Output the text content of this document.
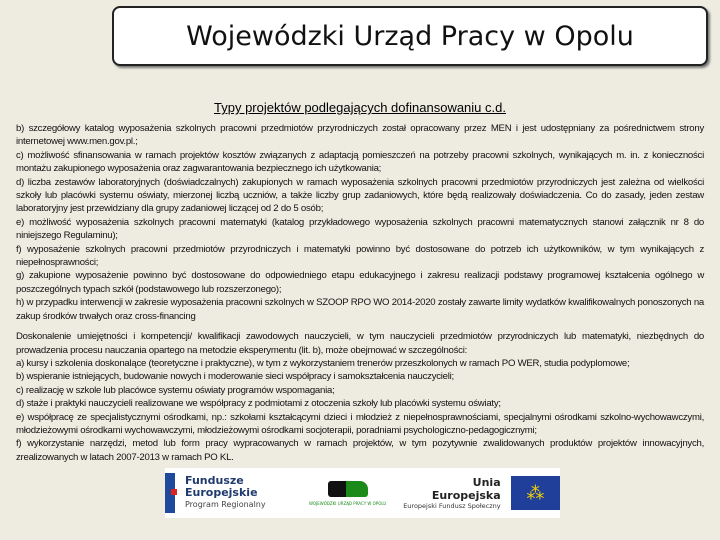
Wojewódzki Urząd Pracy w Opolu
Typy projektów podlegających dofinansowaniu c.d.

b) szczegółowy katalog wyposażenia szkolnych pracowni przedmiotów przyrodniczych został opracowany przez MEN i jest udostępniany za pośrednictwem strony internetowej www.men.gov.pl.;

c) możliwość sfinansowania w ramach projektów kosztów związanych z adaptacją pomieszczeń na potrzeby pracowni szkolnych, wynikających m. in. z konieczności montażu zakupionego wyposażenia oraz zagwarantowania bezpiecznego ich użytkowania;

d) liczba zestawów laboratoryjnych (doświadczalnych) zakupionych w ramach wyposażenia szkolnych pracowni przedmiotów przyrodniczych jest zależna od wielkości szkoły lub placówki systemu oświaty, mierzonej liczbą uczniów, a także liczby grup zadaniowych, które będą realizowały doświadczenia. Co do zasady, jeden zestaw laboratoryjny jest przewidziany dla grupy zadaniowej liczącej od 2 do 5 osób;

e) możliwość wyposażenia szkolnych pracowni matematyki (katalog przykładowego wyposażenia szkolnych pracowni matematycznych stanowi załącznik nr 8 do niniejszego Regulaminu);

f) wyposażenie szkolnych pracowni przedmiotów przyrodniczych i matematyki powinno być dostosowane do potrzeb ich użytkowników, w tym wynikających z niepełnosprawności;

g) zakupione wyposażenie powinno być dostosowane do odpowiedniego etapu edukacyjnego i zakresu realizacji podstawy programowej kształcenia ogólnego w poszczególnych typach szkół (podstawowego lub rozszerzonego);

h) w przypadku interwencji w zakresie wyposażenia pracowni szkolnych w SZOOP RPO WO 2014-2020 zostały zawarte limity wydatków kwalifikowalnych ponoszonych na zakup środków trwałych oraz cross-financing

Doskonalenie umiejętności i kompetencji/ kwalifikacji zawodowych nauczycieli, w tym nauczycieli przedmiotów przyrodniczych lub matematyki, niezbędnych do prowadzenia procesu nauczania opartego na metodzie eksperymentu (lit. b), może obejmować w szczególności:

a) kursy i szkolenia doskonalące (teoretyczne i praktyczne), w tym z wykorzystaniem trenerów przeszkolonych w ramach PO WER, studia podyplomowe;

b) wspieranie istniejących, budowanie nowych i moderowanie sieci współpracy i samokształcenia nauczycieli;

c) realizację w szkole lub placówce systemu oświaty programów wspomagania;

d) staże i praktyki nauczycieli realizowane we współpracy z podmiotami z otoczenia szkoły lub placówki systemu oświaty;

e) współpracę ze specjalistycznymi ośrodkami, np.: szkołami kształcącymi dzieci i młodzież z niepełnosprawnościami, specjalnymi ośrodkami szkolno-wychowawczymi, młodzieżowymi ośrodkami wychowawczymi, młodzieżowymi ośrodkami socjoterapii, poradniami psychologiczno-pedagogicznymi;

f) wykorzystanie narzędzi, metod lub form pracy wypracowanych w ramach projektów, w tym pozytywnie zwalidowanych produktów projektów innowacyjnych, zrealizowanych w latach 2007-2013 w ramach PO KL.

Fundusze
Europejskie
Program Regionalny	WOJEWÓDZKI URZĄD PRACY W OPOLU
Unia Europejska
Europejski Fundusz Społeczny
⁂
